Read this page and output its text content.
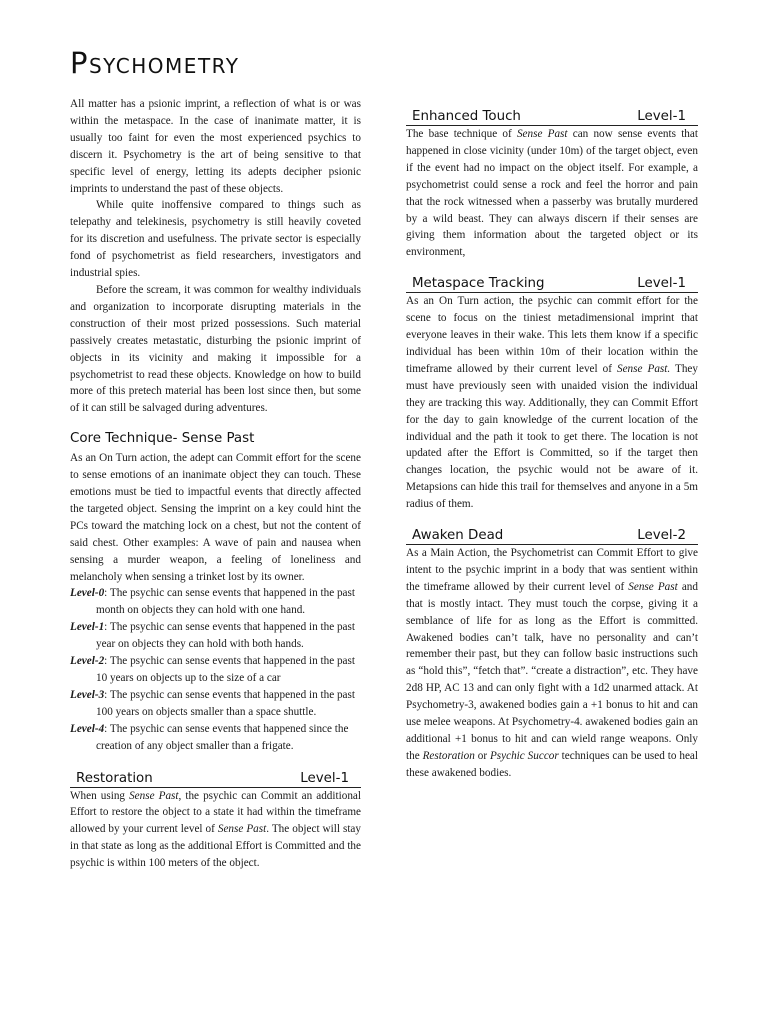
Psychometry

All matter has a psionic imprint, a reflection of what is or was within the metaspace. In the case of inanimate matter, it is usually too faint for even the most experienced psychics to discern it. Psychometry is the art of being sensitive to that specific level of energy, letting its adepts decipher psionic imprints to understand the past of these objects.

While quite inoffensive compared to things such as telepathy and telekinesis, psychometry is still heavily coveted for its discretion and usefulness. The private sector is especially fond of psychometrist as field researchers, investigators and industrial spies.

Before the scream, it was common for wealthy individuals and organization to incorporate disrupting materials in the construction of their most prized possessions. Such material passively creates metastatic, disturbing the psionic imprint of objects in its vicinity and making it impossible for a psychometrist to read these objects. Knowledge on how to build more of this pretech material has been lost since then, but some of it can still be salvaged during adventures.

Core Technique- Sense Past

As an On Turn action, the adept can Commit effort for the scene to sense emotions of an inanimate object they can touch. These emotions must be tied to impactful events that directly affected the targeted object. Sensing the imprint on a key could hint the PCs toward the matching lock on a chest, but not the content of said chest. Other examples: A wave of pain and nausea when sensing a murder weapon, a feeling of loneliness and melancholy when sensing a trinket lost by its owner.

Level-0: The psychic can sense events that happened in the past month on objects they can hold with one hand.

Level-1: The psychic can sense events that happened in the past year on objects they can hold with both hands.

Level-2: The psychic can sense events that happened in the past 10 years on objects up to the size of a car

Level-3: The psychic can sense events that happened in the past 100 years on objects smaller than a space shuttle.

Level-4: The psychic can sense events that happened since the creation of any object smaller than a frigate.

Restoration	Level-1

When using Sense Past, the psychic can Commit an additional Effort to restore the object to a state it had within the timeframe allowed by your current level of Sense Past. The object will stay in that state as long as the additional Effort is Committed and the psychic is within 100 meters of the object.

Enhanced Touch	Level-1

The base technique of Sense Past can now sense events that happened in close vicinity (under 10m) of the target object, even if the event had no impact on the object itself. For example, a psychometrist could sense a rock and feel the horror and pain that the rock witnessed when a passerby was brutally murdered by a wild beast. They can always discern if their senses are giving them information about the targeted object or its environment,

Metaspace Tracking	Level-1

As an On Turn action, the psychic can commit effort for the scene to focus on the tiniest metadimensional imprint that everyone leaves in their wake. This lets them know if a specific individual has been within 10m of their location within the timeframe allowed by their current level of Sense Past. They must have previously seen with unaided vision the individual they are tracking this way. Additionally, they can Commit Effort for the day to gain knowledge of the current location of the individual and the path it took to get there. The location is not updated after the Effort is Committed, so if the target then changes location, the psychic would not be aware of it. Metapsions can hide this trail for themselves and anyone in a 5m radius of them.

Awaken Dead	Level-2

As a Main Action, the Psychometrist can Commit Effort to give intent to the psychic imprint in a body that was sentient within the timeframe allowed by their current level of Sense Past and that is mostly intact. They must touch the corpse, giving it a semblance of life for as long as the Effort is committed. Awakened bodies can’t talk, have no personality and can’t remember their past, but they can follow basic instructions such as “hold this”, “fetch that”. “create a distraction”, etc. They have 2d8 HP, AC 13 and can only fight with a 1d2 unarmed attack. At Psychometry-3, awakened bodies gain a +1 bonus to hit and can use melee weapons. At Psychometry-4. awakened bodies gain an additional +1 bonus to hit and can wield range weapons. Only the Restoration or Psychic Succor techniques can be used to heal these awakened bodies.
